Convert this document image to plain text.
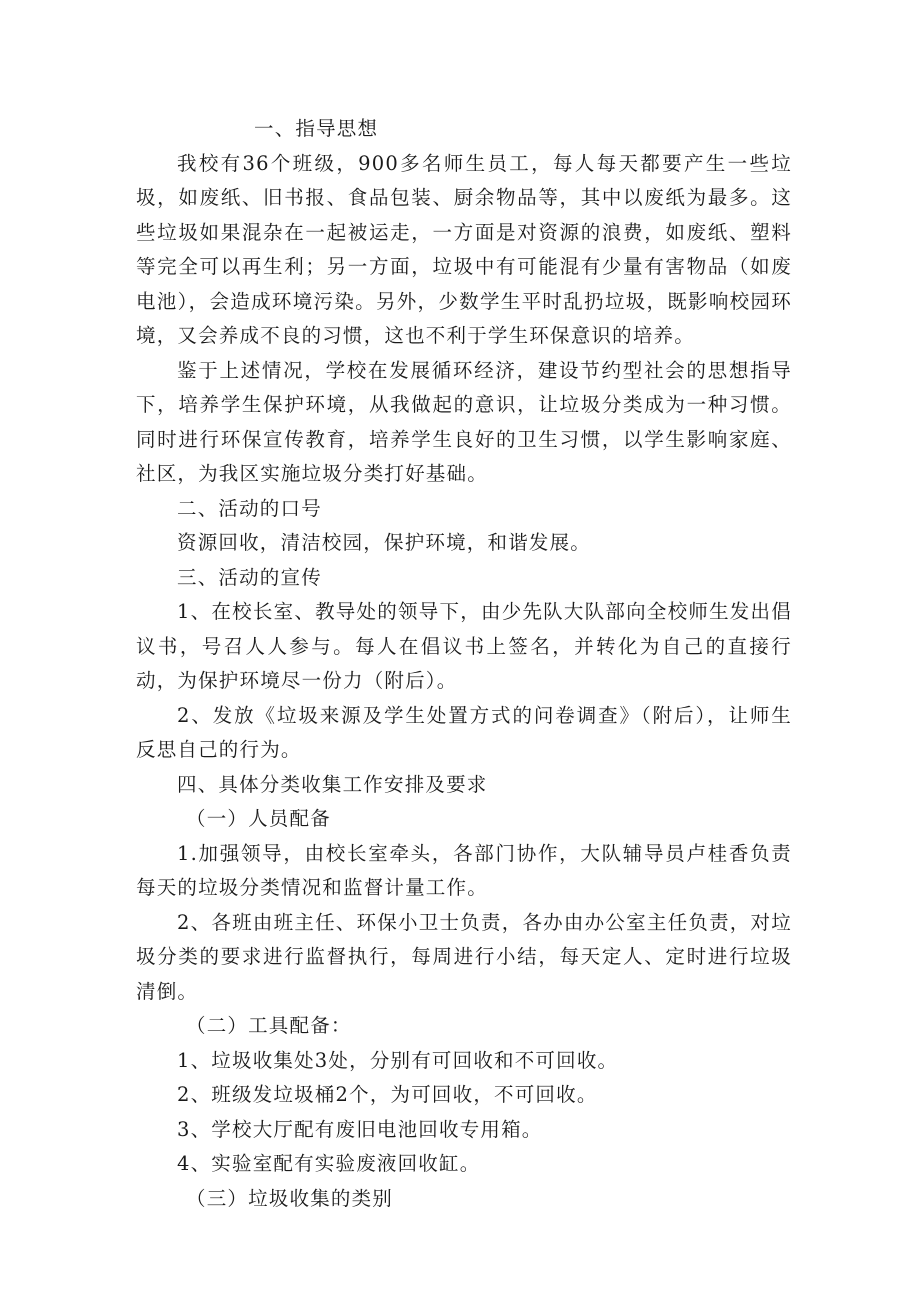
一、指导思想

我校有36个班级，900多名师生员工，每人每天都要产生一些垃圾，如废纸、旧书报、食品包装、厨余物品等，其中以废纸为最多。这些垃圾如果混杂在一起被运走，一方面是对资源的浪费，如废纸、塑料等完全可以再生利；另一方面，垃圾中有可能混有少量有害物品（如废电池），会造成环境污染。另外，少数学生平时乱扔垃圾，既影响校园环境，又会养成不良的习惯，这也不利于学生环保意识的培养。

鉴于上述情况，学校在发展循环经济，建设节约型社会的思想指导下，培养学生保护环境，从我做起的意识，让垃圾分类成为一种习惯。同时进行环保宣传教育，培养学生良好的卫生习惯，以学生影响家庭、社区，为我区实施垃圾分类打好基础。

二、活动的口号

资源回收，清洁校园，保护环境，和谐发展。

三、活动的宣传

1、在校长室、教导处的领导下，由少先队大队部向全校师生发出倡议书，号召人人参与。每人在倡议书上签名，并转化为自己的直接行动，为保护环境尽一份力（附后）。

2、发放《垃圾来源及学生处置方式的问卷调查》（附后），让师生反思自己的行为。

四、具体分类收集工作安排及要求

（一）人员配备

1.加强领导，由校长室牵头，各部门协作，大队辅导员卢桂香负责每天的垃圾分类情况和监督计量工作。

2、各班由班主任、环保小卫士负责，各办由办公室主任负责，对垃圾分类的要求进行监督执行，每周进行小结，每天定人、定时进行垃圾清倒。

（二）工具配备：

1、垃圾收集处3处，分别有可回收和不可回收。

2、班级发垃圾桶2个，为可回收，不可回收。

3、学校大厅配有废旧电池回收专用箱。

4、实验室配有实验废液回收缸。

（三）垃圾收集的类别
